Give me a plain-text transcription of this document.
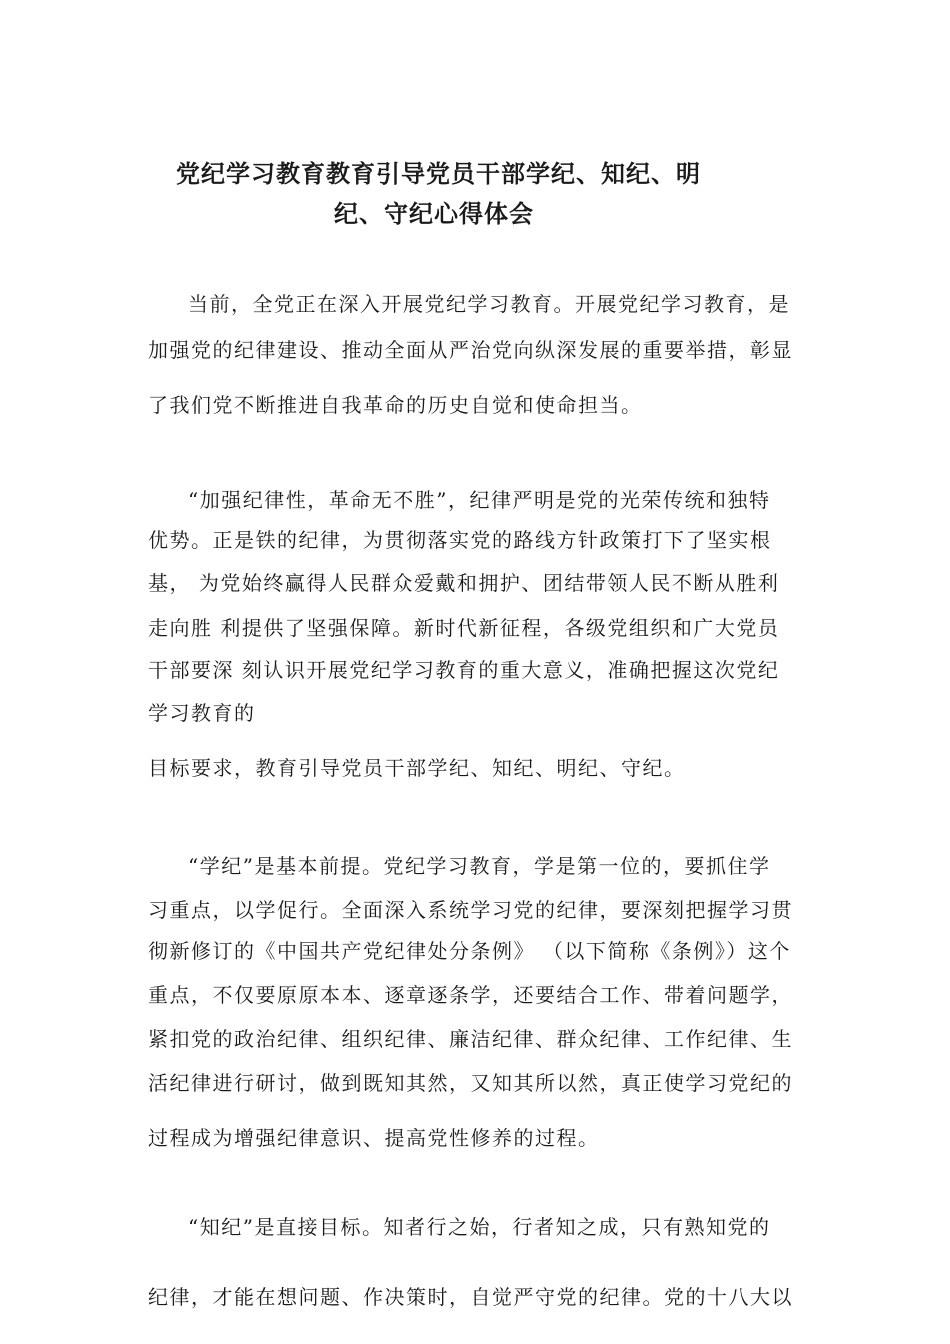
党纪学习教育教育引导党员干部学纪、知纪、明
纪、守纪心得体会
当前，全党正在深入开展党纪学习教育。开展党纪学习教育，是
加强党的纪律建设、推动全面从严治党向纵深发展的重要举措，彰显
了我们党不断推进自我革命的历史自觉和使命担当。
“加强纪律性，革命无不胜”，纪律严明是党的光荣传统和独特
优势。正是铁的纪律，为贯彻落实党的路线方针政策打下了坚实根
基， 为党始终赢得人民群众爱戴和拥护、团结带领人民不断从胜利
走向胜 利提供了坚强保障。新时代新征程，各级党组织和广大党员
干部要深 刻认识开展党纪学习教育的重大意义，准确把握这次党纪
学习教育的
目标要求，教育引导党员干部学纪、知纪、明纪、守纪。
“学纪”是基本前提。党纪学习教育，学是第一位的，要抓住学
习重点，以学促行。全面深入系统学习党的纪律，要深刻把握学习贯
彻新修订的《中国共产党纪律处分条例》 （以下简称《条例》）这个
重点，不仅要原原本本、逐章逐条学，还要结合工作、带着问题学，
紧扣党的政治纪律、组织纪律、廉洁纪律、群众纪律、工作纪律、生
活纪律进行研讨，做到既知其然，又知其所以然，真正使学习党纪的
过程成为增强纪律意识、提高党性修养的过程。
“知纪”是直接目标。知者行之始，行者知之成，只有熟知党的
纪律，才能在想问题、作决策时，自觉严守党的纪律。党的十八大以
